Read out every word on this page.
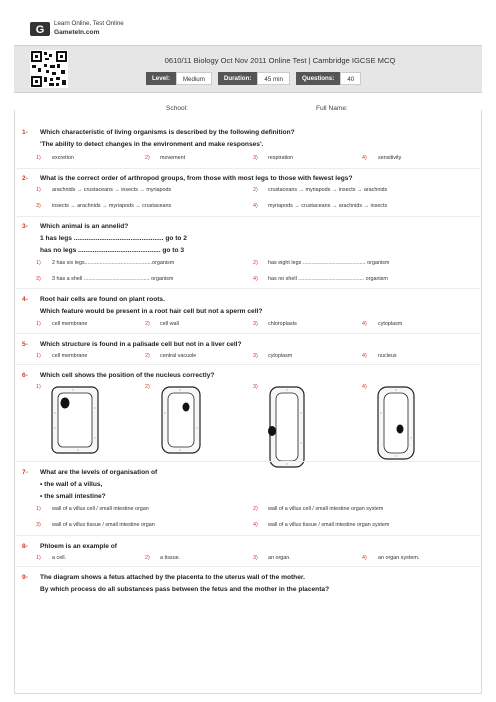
G
Learn Online, Test Online
Gameteln.com
0610/11 Biology Oct Nov 2011 Online Test | Cambridge IGCSE MCQ
Level:	Medium	Duration:	45 min	Questions:	40
School:	Full Name:
1- Which characteristic of living organisms is described by the following definition?
'The ability to detect changes in the environment and make responses'.
1) excretion	2) movement	3) respiration	4) sensitivity
2- What is the correct order of arthropod groups, from those with most legs to those with fewest legs?
1) arachnids → crustaceans → insects → myriapods	2) crustaceans → myriapods → insects → arachnids
3) insects → arachnids → myriapods → crustaceans	4) myriapods → crustaceans → arachnids → insects
3- Which animal is an annelid?
1 has legs ................................................. go to 2
has no legs ............................................. go to 3
1) 2 has six legs.............................................organism	2) has eight legs .......................................... organism
3) 3 has a shell ............................................ organism	4) has no shell ............................................ organism
4- Root hair cells are found on plant roots.
Which feature would be present in a root hair cell but not a sperm cell?
1) cell membrane	2) cell wall	3) chloroplasts	4) cytoplasm
5- Which structure is found in a palisade cell but not in a liver cell?
1) cell membrane	2) central vacuole	3) cytoplasm	4) nucleus
6- Which cell shows the position of the nucleus correctly?
1)	2)	3)	4)
7- What are the levels of organisation of
• the wall of a villus,
• the small intestine?
1) wall of a villus cell / small intestine organ	2) wall of a villus cell / small intestine organ system
3) wall of a villus tissue / small intestine organ	4) wall of a villus tissue / small intestine organ system
8- Phloem is an example of
1) a cell.	2) a tissue.	3) an organ.	4) an organ system.
9- The diagram shows a fetus attached by the placenta to the uterus wall of the mother.
By which process do all substances pass between the fetus and the mother in the placenta?
